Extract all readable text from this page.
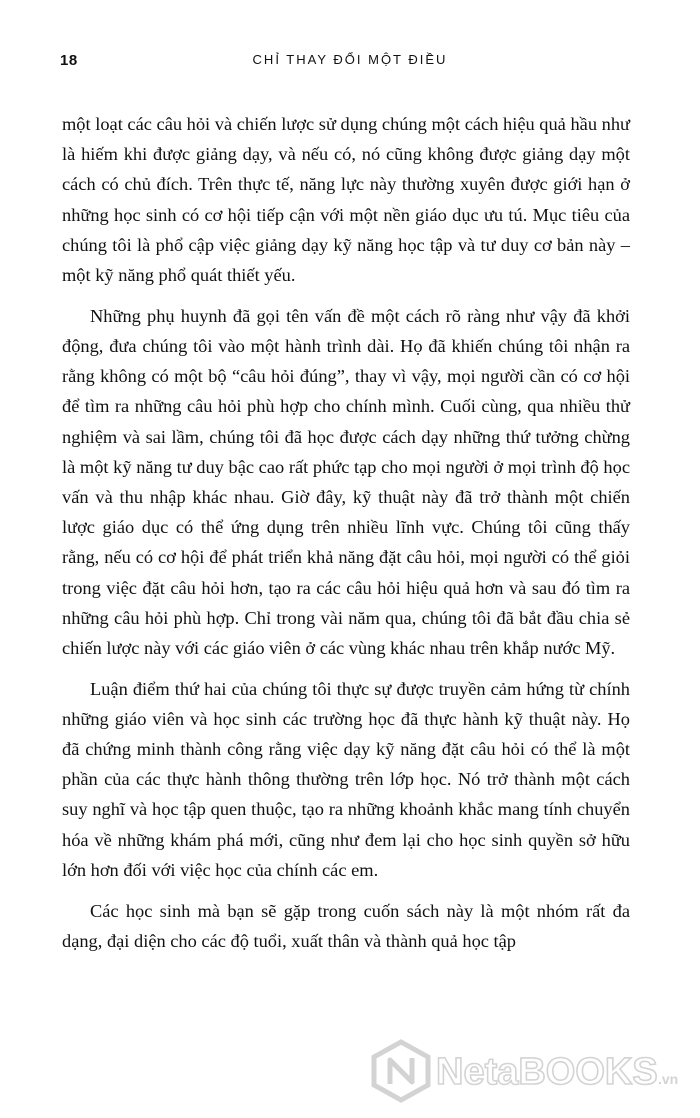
18	CHỈ THAY ĐỔI MỘT ĐIỀU

một loạt các câu hỏi và chiến lược sử dụng chúng một cách hiệu quả hầu như là hiếm khi được giảng dạy, và nếu có, nó cũng không được giảng dạy một cách có chủ đích. Trên thực tế, năng lực này thường xuyên được giới hạn ở những học sinh có cơ hội tiếp cận với một nền giáo dục ưu tú. Mục tiêu của chúng tôi là phổ cập việc giảng dạy kỹ năng học tập và tư duy cơ bản này – một kỹ năng phổ quát thiết yếu.

Những phụ huynh đã gọi tên vấn đề một cách rõ ràng như vậy đã khởi động, đưa chúng tôi vào một hành trình dài. Họ đã khiến chúng tôi nhận ra rằng không có một bộ “câu hỏi đúng”, thay vì vậy, mọi người cần có cơ hội để tìm ra những câu hỏi phù hợp cho chính mình. Cuối cùng, qua nhiều thử nghiệm và sai lầm, chúng tôi đã học được cách dạy những thứ tưởng chừng là một kỹ năng tư duy bậc cao rất phức tạp cho mọi người ở mọi trình độ học vấn và thu nhập khác nhau. Giờ đây, kỹ thuật này đã trở thành một chiến lược giáo dục có thể ứng dụng trên nhiều lĩnh vực. Chúng tôi cũng thấy rằng, nếu có cơ hội để phát triển khả năng đặt câu hỏi, mọi người có thể giỏi trong việc đặt câu hỏi hơn, tạo ra các câu hỏi hiệu quả hơn và sau đó tìm ra những câu hỏi phù hợp. Chỉ trong vài năm qua, chúng tôi đã bắt đầu chia sẻ chiến lược này với các giáo viên ở các vùng khác nhau trên khắp nước Mỹ.

Luận điểm thứ hai của chúng tôi thực sự được truyền cảm hứng từ chính những giáo viên và học sinh các trường học đã thực hành kỹ thuật này. Họ đã chứng minh thành công rằng việc dạy kỹ năng đặt câu hỏi có thể là một phần của các thực hành thông thường trên lớp học. Nó trở thành một cách suy nghĩ và học tập quen thuộc, tạo ra những khoảnh khắc mang tính chuyển hóa về những khám phá mới, cũng như đem lại cho học sinh quyền sở hữu lớn hơn đối với việc học của chính các em.

Các học sinh mà bạn sẽ gặp trong cuốn sách này là một nhóm rất đa dạng, đại diện cho các độ tuổi, xuất thân và thành quả học tập

NetaBOOKS .vn
